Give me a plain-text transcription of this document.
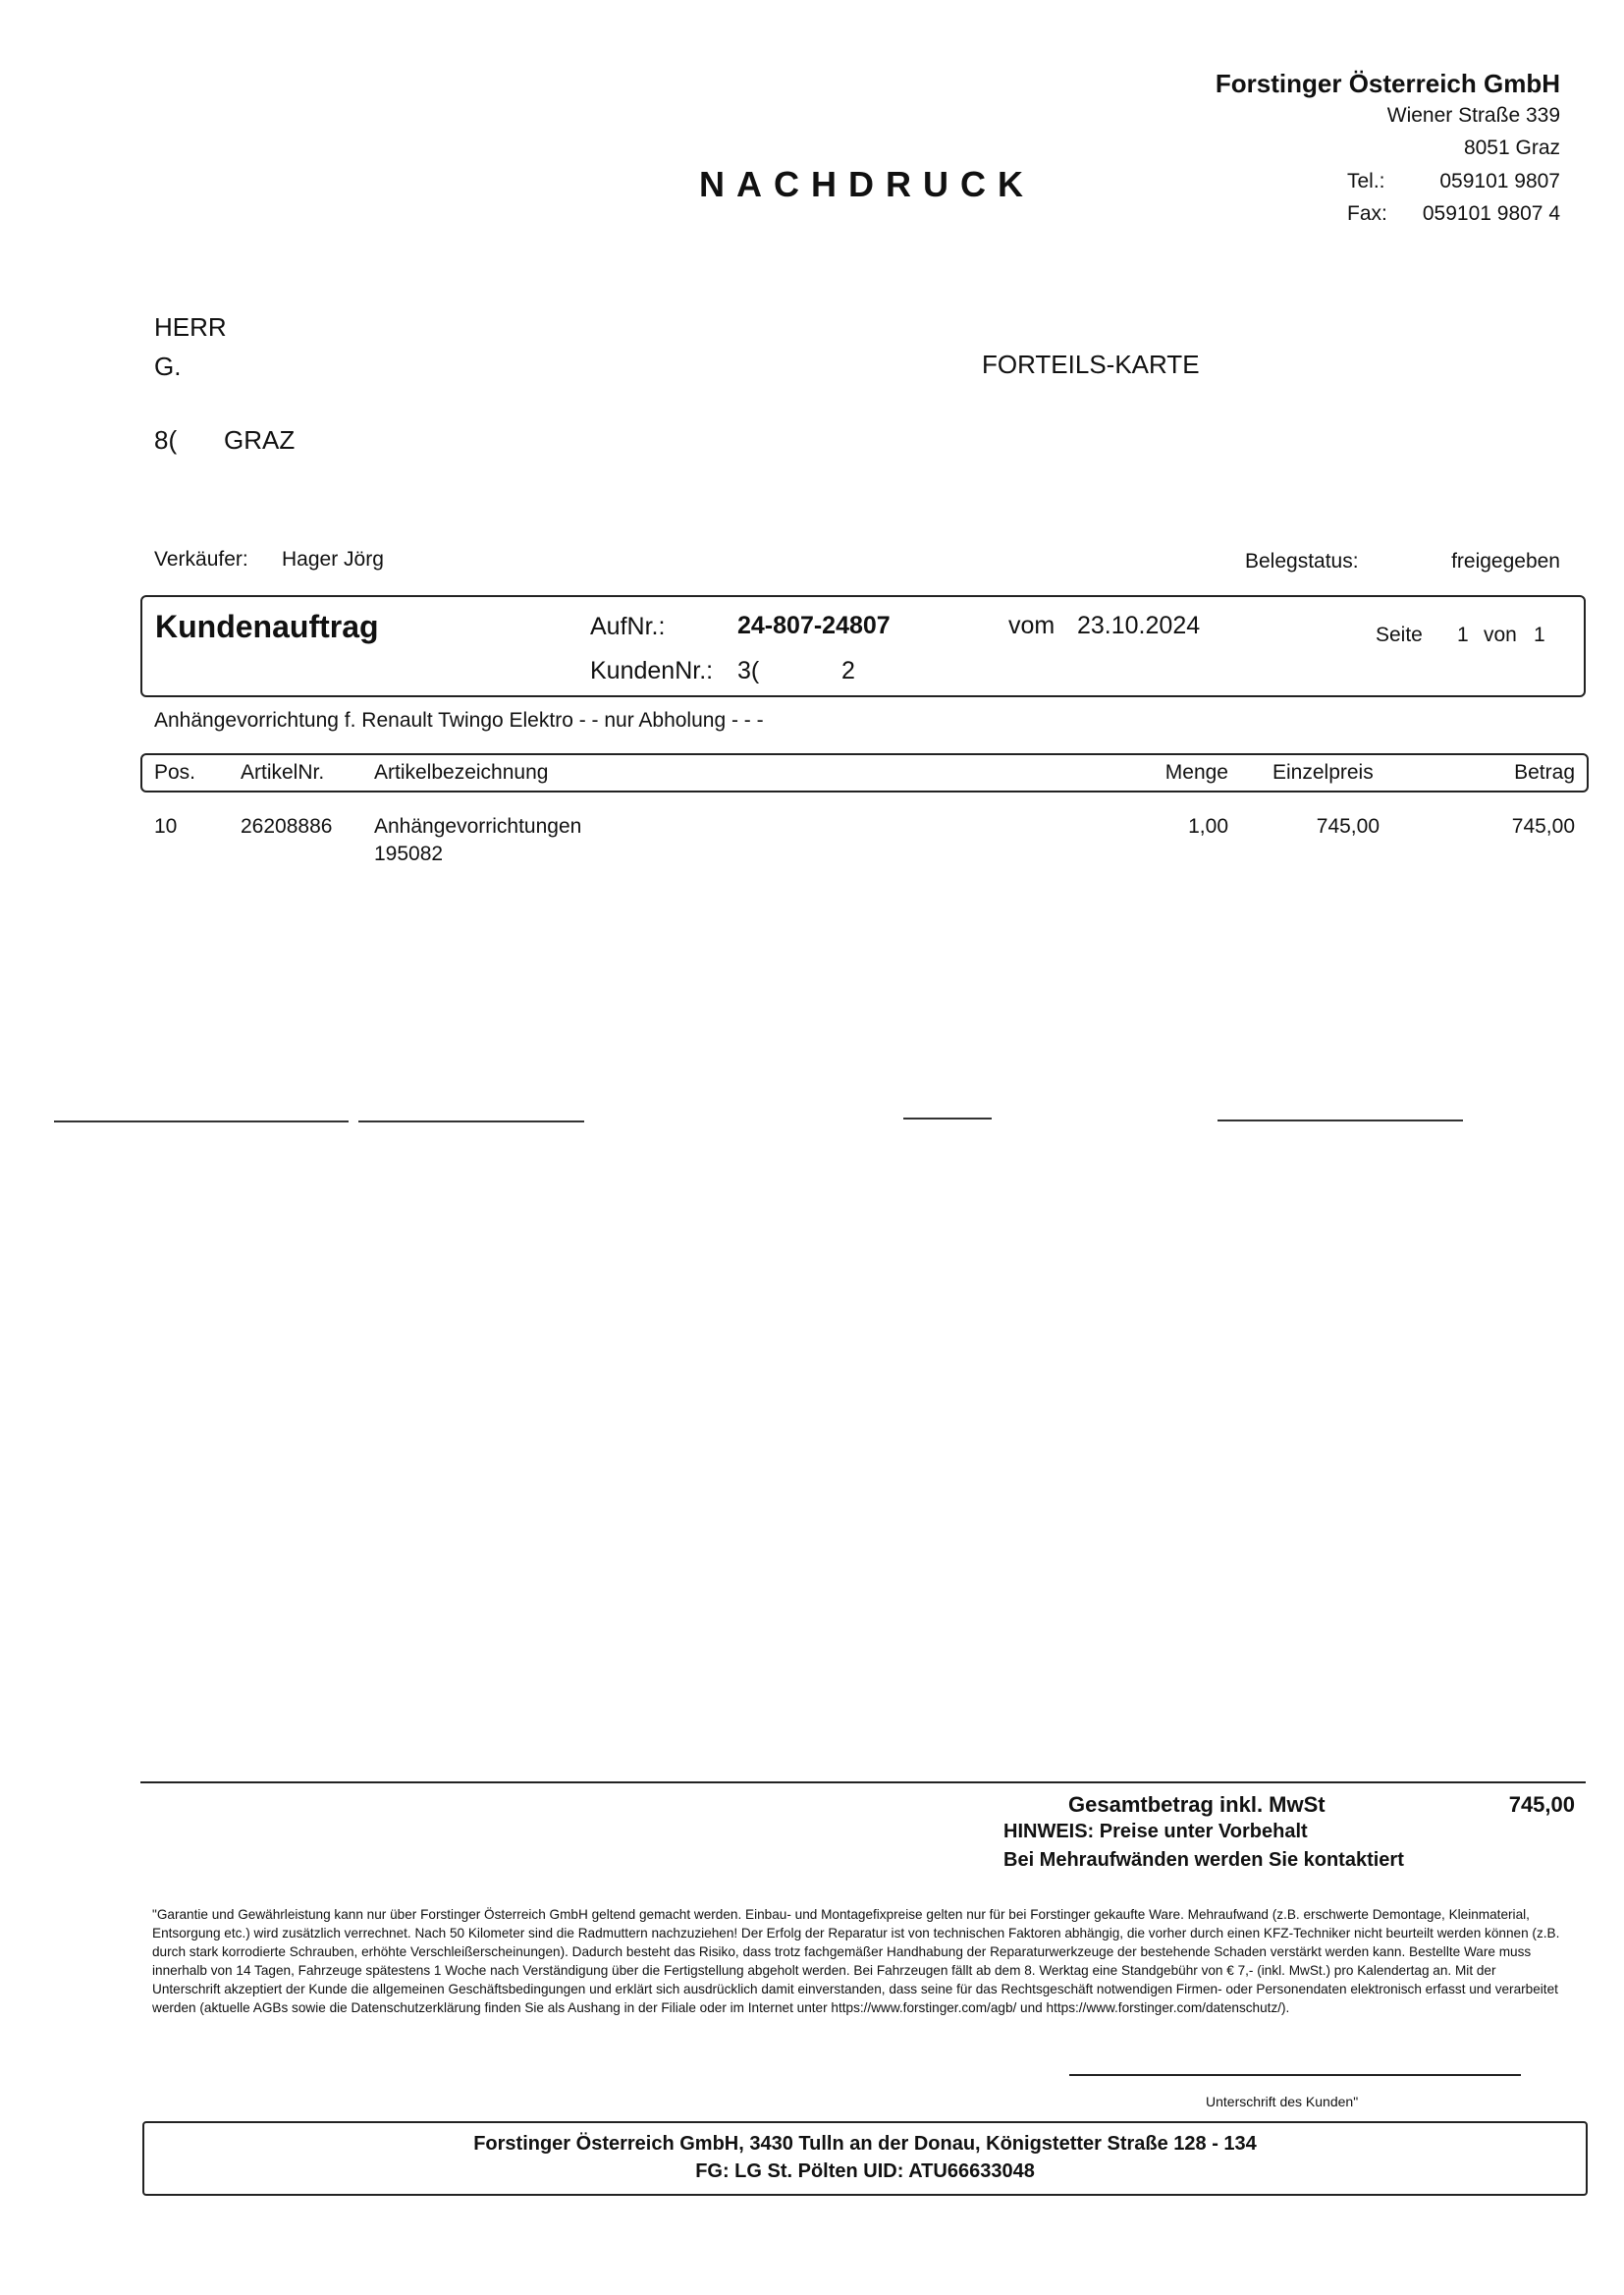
Forstinger Österreich GmbH
Wiener Straße 339
8051 Graz
Tel.:	059101 9807
Fax: 059101 9807 4
NACHDRUCK
HERR
G.
8( GRAZ
FORTEILS-KARTE
Verkäufer: Hager Jörg	Belegstatus:	freigegeben
Kundenauftrag	AufNr.:	24-807-24807	vom 23.10.2024	Seite 1 von 1
KundenNr.: 3(	2
Anhängevorrichtung f. Renault Twingo Elektro - - nur Abholung - - -
Pos. ArtikelNr. Artikelbezeichnung	Menge Einzelpreis	Betrag
10	26208886 Anhängevorrichtungen
195082
1,00	745,00	745,00
Gesamtbetrag inkl. MwSt	745,00
HINWEIS: Preise unter Vorbehalt
Bei Mehraufwänden werden Sie kontaktiert
"Garantie und Gewährleistung kann nur über Forstinger Österreich GmbH geltend gemacht werden. Einbau- und Montagefixpreise gelten nur für bei Forstinger gekaufte Ware. Mehraufwand (z.B. erschwerte Demontage, Kleinmaterial, Entsorgung etc.) wird zusätzlich verrechnet. Nach 50 Kilometer sind die Radmuttern nachzuziehen! Der Erfolg der Reparatur ist von technischen Faktoren abhängig, die vorher durch einen KFZ-Techniker nicht beurteilt werden können (z.B. durch stark korrodierte Schrauben, erhöhte Verschleißerscheinungen). Dadurch besteht das Risiko, dass trotz fachgemäßer Handhabung der Reparaturwerkzeuge der bestehende Schaden verstärkt werden kann. Bestellte Ware muss innerhalb von 14 Tagen, Fahrzeuge spätestens 1 Woche nach Verständigung über die Fertigstellung abgeholt werden. Bei Fahrzeugen fällt ab dem 8. Werktag eine Standgebühr von € 7,- (inkl. MwSt.) pro Kalendertag an. Mit der Unterschrift akzeptiert der Kunde die allgemeinen Geschäftsbedingungen und erklärt sich ausdrücklich damit einverstanden, dass seine für das Rechtsgeschäft notwendigen Firmen- oder Personendaten elektronisch erfasst und verarbeitet werden (aktuelle AGBs sowie die Datenschutzerklärung finden Sie als Aushang in der Filiale oder im Internet unter https://www.forstinger.com/agb/ und https://www.forstinger.com/datenschutz/).
Unterschrift des Kunden"
Forstinger Österreich GmbH, 3430 Tulln an der Donau, Königstetter Straße 128 - 134
FG: LG St. Pölten UID: ATU66633048
